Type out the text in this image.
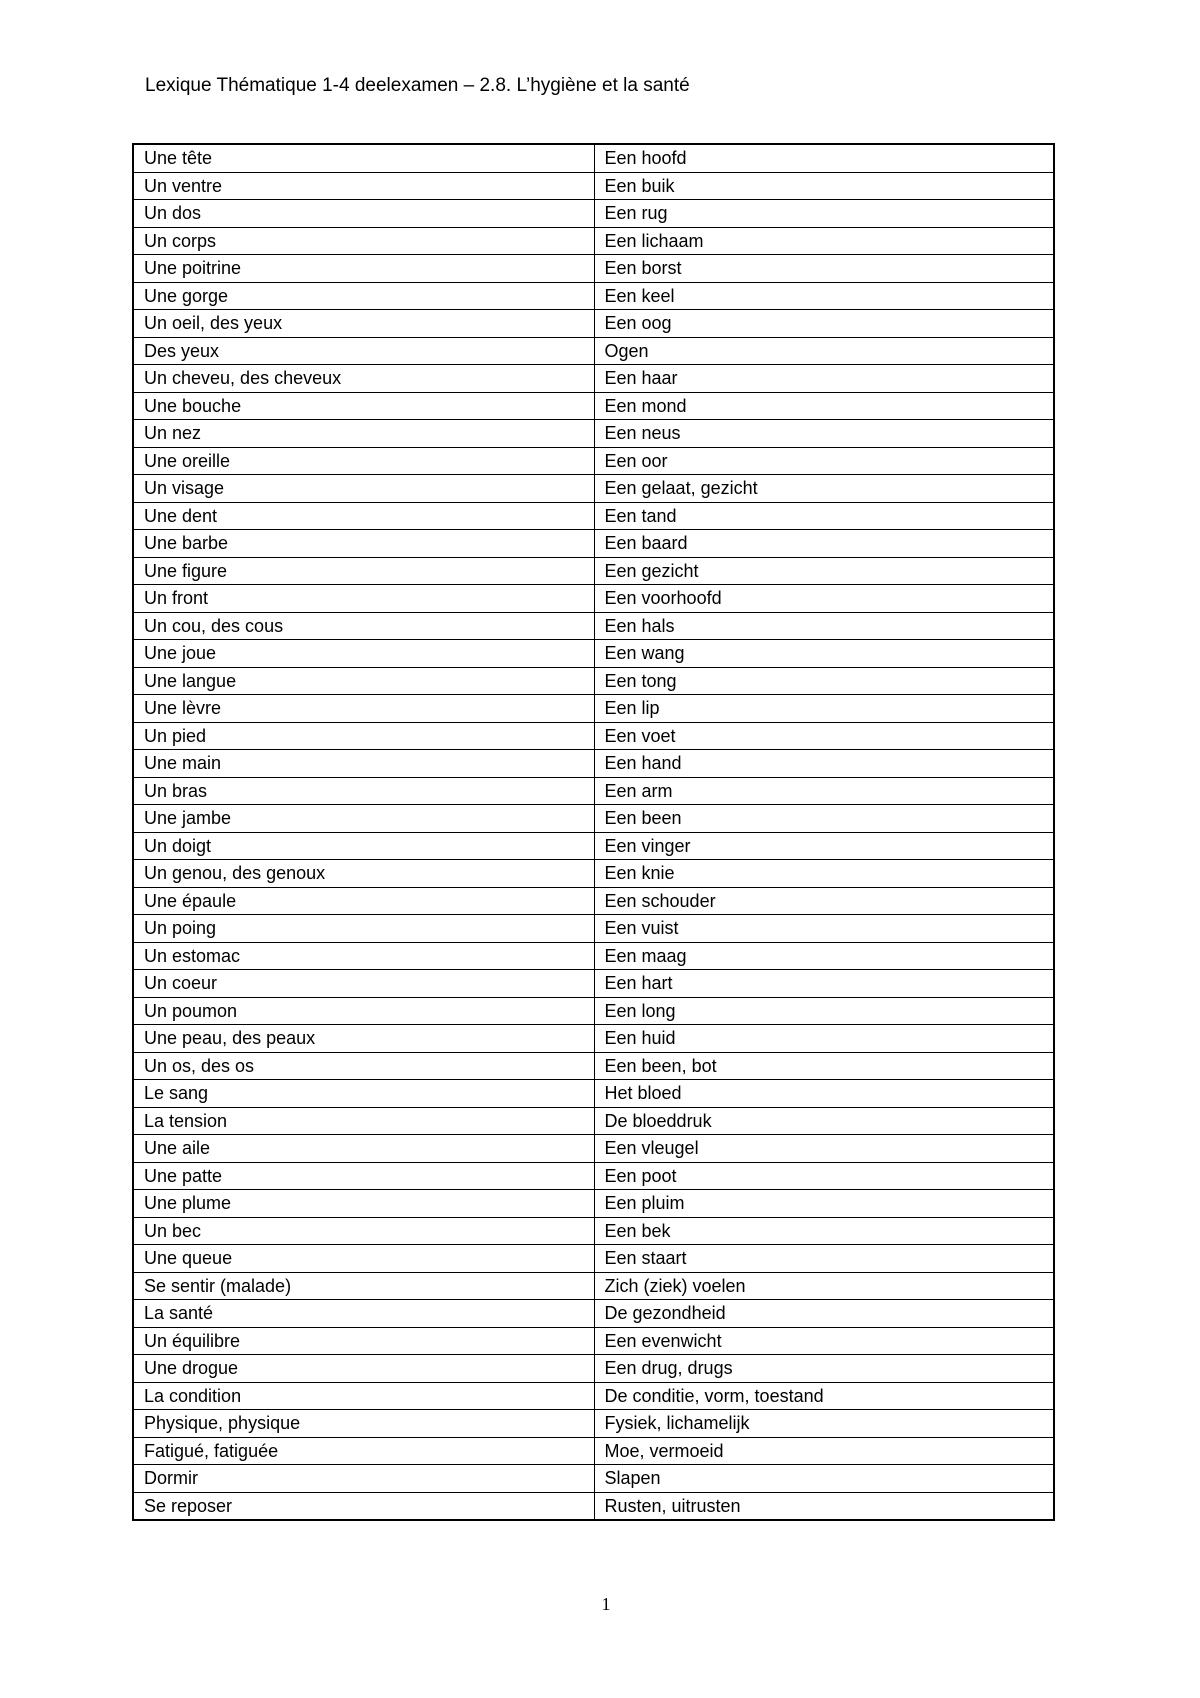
Lexique Thématique 1-4 deelexamen – 2.8. L’hygiène et la santé
Une tête	Een hoofd
Un ventre	Een buik
Un dos	Een rug
Un corps	Een lichaam
Une poitrine	Een borst
Une gorge	Een keel
Un oeil, des yeux	Een oog
Des yeux	Ogen
Un cheveu, des cheveux	Een haar
Une bouche	Een mond
Un nez	Een neus
Une oreille	Een oor
Un visage	Een gelaat, gezicht
Une dent	Een tand
Une barbe	Een baard
Une figure	Een gezicht
Un front	Een voorhoofd
Un cou, des cous	Een hals
Une joue	Een wang
Une langue	Een tong
Une lèvre	Een lip
Un pied	Een voet
Une main	Een hand
Un bras	Een arm
Une jambe	Een been
Un doigt	Een vinger
Un genou, des genoux	Een knie
Une épaule	Een schouder
Un poing	Een vuist
Un estomac	Een maag
Un coeur	Een hart
Un poumon	Een long
Une peau, des peaux	Een huid
Un os, des os	Een been, bot
Le sang	Het bloed
La tension	De bloeddruk
Une aile	Een vleugel
Une patte	Een poot
Une plume	Een pluim
Un bec	Een bek
Une queue	Een staart
Se sentir (malade)	Zich (ziek) voelen
La santé	De gezondheid
Un équilibre	Een evenwicht
Une drogue	Een drug, drugs
La condition	De conditie, vorm, toestand
Physique, physique	Fysiek, lichamelijk
Fatigué, fatiguée	Moe, vermoeid
Dormir	Slapen
Se reposer	Rusten, uitrusten
1
